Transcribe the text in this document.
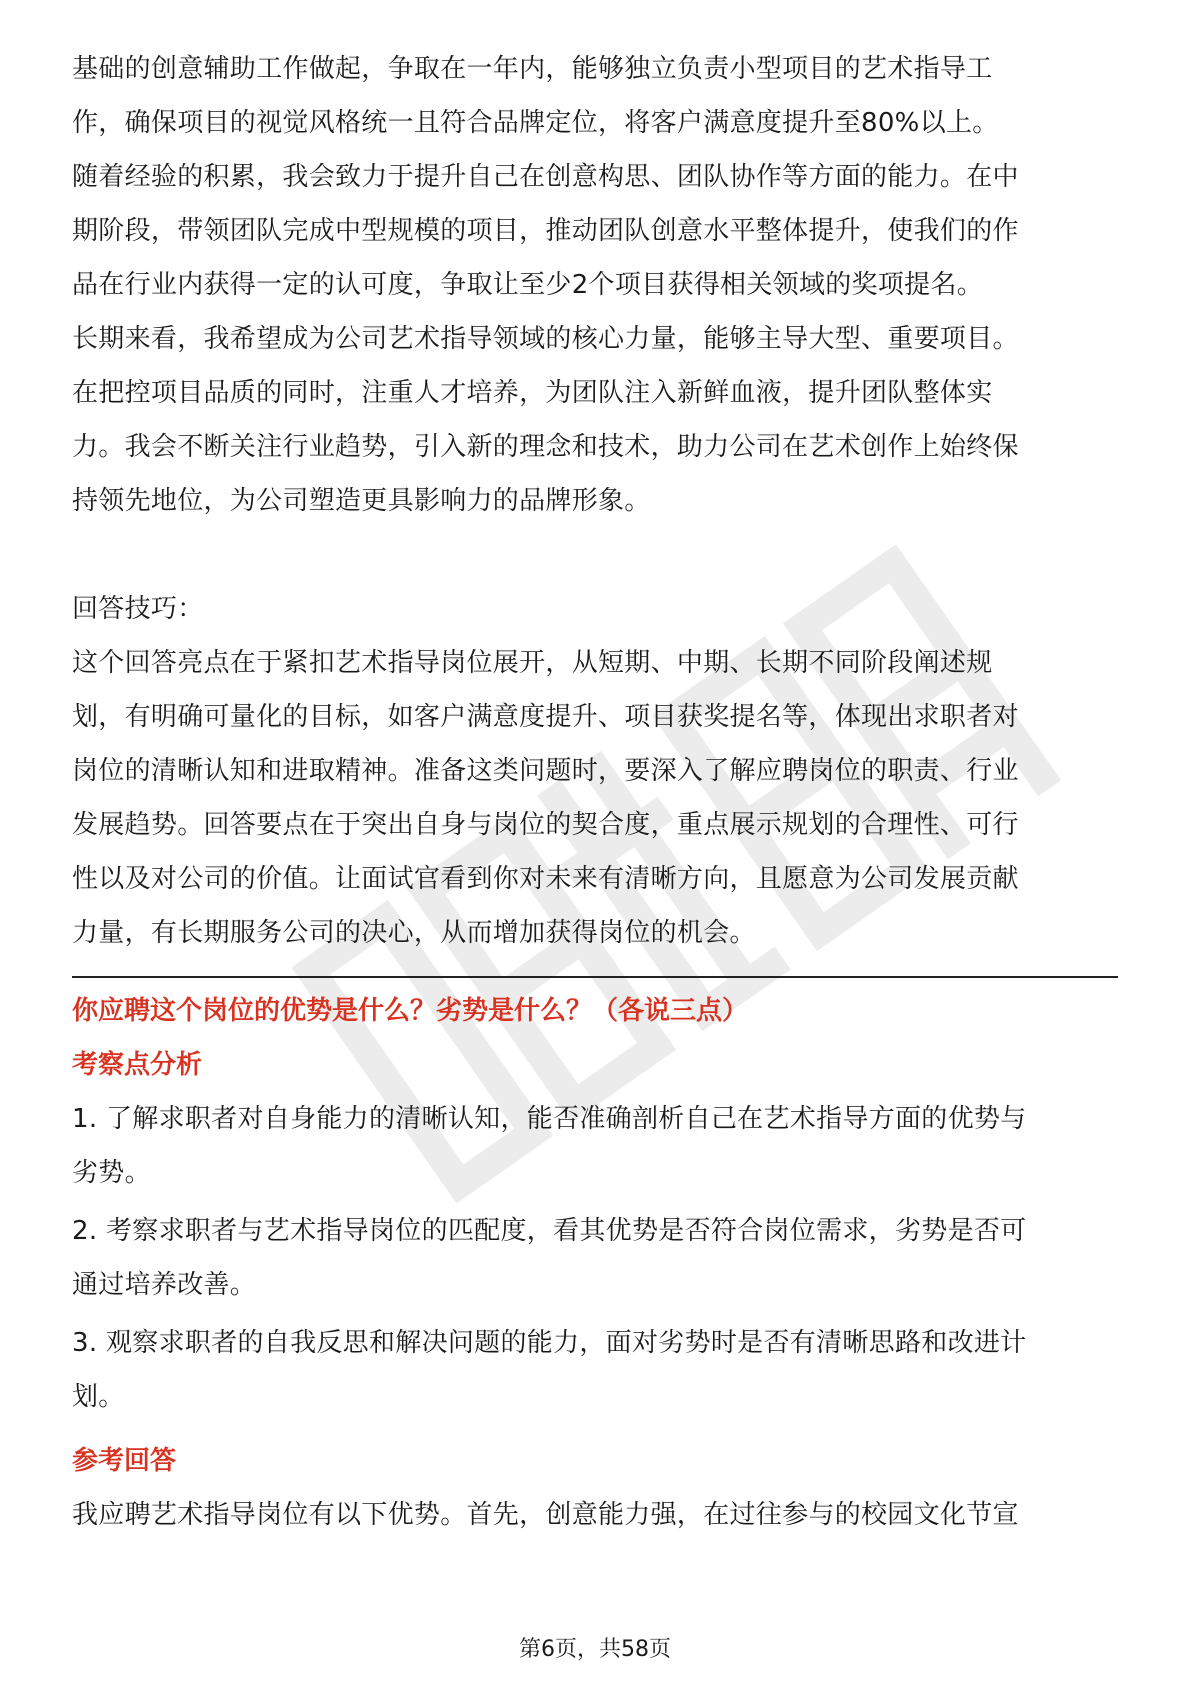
基础的创意辅助工作做起，争取在一年内，能够独立负责小型项目的艺术指导工

作，确保项目的视觉风格统一且符合品牌定位，将客户满意度提升至80%以上。

随着经验的积累，我会致力于提升自己在创意构思、团队协作等方面的能力。在中

期阶段，带领团队完成中型规模的项目，推动团队创意水平整体提升，使我们的作

品在行业内获得一定的认可度，争取让至少2个项目获得相关领域的奖项提名。

长期来看，我希望成为公司艺术指导领域的核心力量，能够主导大型、重要项目。

在把控项目品质的同时，注重人才培养，为团队注入新鲜血液，提升团队整体实

力。我会不断关注行业趋势，引入新的理念和技术，助力公司在艺术创作上始终保

持领先地位，为公司塑造更具影响力的品牌形象。

回答技巧：

这个回答亮点在于紧扣艺术指导岗位展开，从短期、中期、长期不同阶段阐述规

划，有明确可量化的目标，如客户满意度提升、项目获奖提名等，体现出求职者对

岗位的清晰认知和进取精神。准备这类问题时，要深入了解应聘岗位的职责、行业

发展趋势。回答要点在于突出自身与岗位的契合度，重点展示规划的合理性、可行

性以及对公司的价值。让面试官看到你对未来有清晰方向，且愿意为公司发展贡献

力量，有长期服务公司的决心，从而增加获得岗位的机会。

你应聘这个岗位的优势是什么？劣势是什么？（各说三点）

考察点分析

1. 了解求职者对自身能力的清晰认知，能否准确剖析自己在艺术指导方面的优势与

劣势。

2. 考察求职者与艺术指导岗位的匹配度，看其优势是否符合岗位需求，劣势是否可

通过培养改善。

3. 观察求职者的自我反思和解决问题的能力，面对劣势时是否有清晰思路和改进计

划。

参考回答

我应聘艺术指导岗位有以下优势。首先，创意能力强，在过往参与的校园文化节宣

第6页，共58页
